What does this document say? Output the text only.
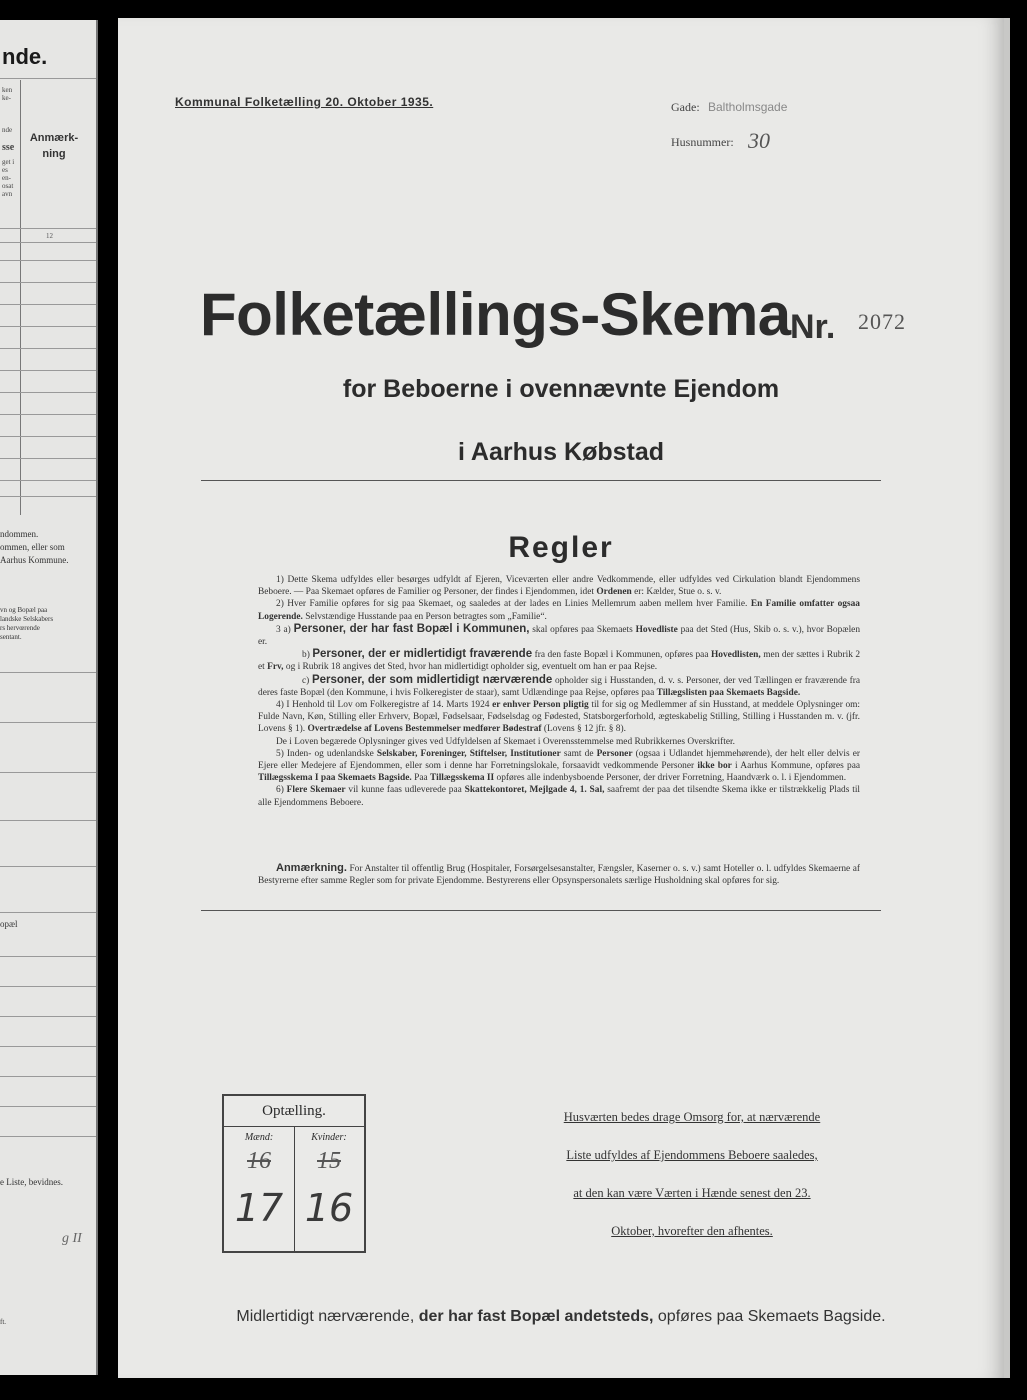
nde.
ken
ke-
nde
sse
get i
es
en-
osat
avn
Anmærk-
ning
12
ndommen.
ommen, eller som
Aarhus Kommune.
vn og Bopæl paa
landske Selskabers
rs hervœrende
sentant.
opæl
e Liste, bevidnes.
g II
ft.
Kommunal Folketælling 20. Oktober 1935.	Gade: Baltholmsgade
Husnummer: 30
Folketællings-Skema Nr. 2072
for Beboerne i ovennævnte Ejendom
i Aarhus Købstad
Regler

1) Dette Skema udfyldes eller besørges udfyldt af Ejeren, Viceværten eller andre Vedkommende, eller udfyldes ved Cirkulation blandt Ejendommens Beboere. — Paa Skemaet opføres de Familier og Personer, der findes i Ejendommen, idet Ordenen er: Kælder, Stue o. s. v.

2) Hver Familie opføres for sig paa Skemaet, og saaledes at der lades en Linies Mellemrum aaben mellem hver Familie. En Familie omfatter ogsaa Logerende. Selvstændige Husstande paa en Person betragtes som „Familie“.

3 a) Personer, der har fast Bopæl i Kommunen, skal opføres paa Skemaets Hovedliste paa det Sted (Hus, Skib o. s. v.), hvor Bopælen er.

b) Personer, der er midlertidigt fraværende fra den faste Bopæl i Kommunen, opføres paa Hovedlisten, men der sættes i Rubrik 2 et Frv, og i Rubrik 18 angives det Sted, hvor han midlertidigt opholder sig, eventuelt om han er paa Rejse.

c) Personer, der som midlertidigt nærværende opholder sig i Husstanden, d. v. s. Personer, der ved Tællingen er fraværende fra deres faste Bopæl (den Kommune, i hvis Folkeregister de staar), samt Udlændinge paa Rejse, opføres paa Tillægslisten paa Skemaets Bagside.

4) I Henhold til Lov om Folkeregistre af 14. Marts 1924 er enhver Person pligtig til for sig og Medlemmer af sin Husstand, at meddele Oplysninger om: Fulde Navn, Køn, Stilling eller Erhverv, Bopæl, Fødselsaar, Fødselsdag og Fødested, Statsborgerforhold, ægteskabelig Stilling, Stilling i Husstanden m. v. (jfr. Lovens § 1). Overtrædelse af Lovens Bestemmelser medfører Bødestraf (Lovens § 12 jfr. § 8).

De i Loven begærede Oplysninger gives ved Udfyldelsen af Skemaet i Overensstemmelse med Rubrikkernes Overskrifter.

5) Inden- og udenlandske Selskaber, Foreninger, Stiftelser, Institutioner samt de Personer (ogsaa i Udlandet hjemmehørende), der helt eller delvis er Ejere eller Medejere af Ejendommen, eller som i denne har Forretningslokale, forsaavidt vedkommende Personer ikke bor i Aarhus Kommune, opføres paa Tillægsskema I paa Skemaets Bagside. Paa Tillægsskema II opføres alle indenbysboende Personer, der driver Forretning, Haandværk o. l. i Ejendommen.

6) Flere Skemaer vil kunne faas udleverede paa Skattekontoret, Mejlgade 4, 1. Sal, saafremt der paa det tilsendte Skema ikke er tilstrækkelig Plads til alle Ejendommens Beboere.

Anmærkning. For Anstalter til offentlig Brug (Hospitaler, Forsørgelsesanstalter, Fængsler, Kaserner o. s. v.) samt Hoteller o. l. udfyldes Skemaerne af Bestyrerne efter samme Regler som for private Ejendomme. Bestyrerens eller Opsynspersonalets særlige Husholdning skal opføres for sig.
Optælling.
Mænd:	Kvinder:
16	15
17 16
Husværten bedes drage Omsorg for, at nærværende
Liste udfyldes af Ejendommens Beboere saaledes,
at den kan være Værten i Hænde senest den 23.
Oktober, hvorefter den afhentes.
Midlertidigt nærværende, der har fast Bopæl andetsteds, opføres paa Skemaets Bagside.
